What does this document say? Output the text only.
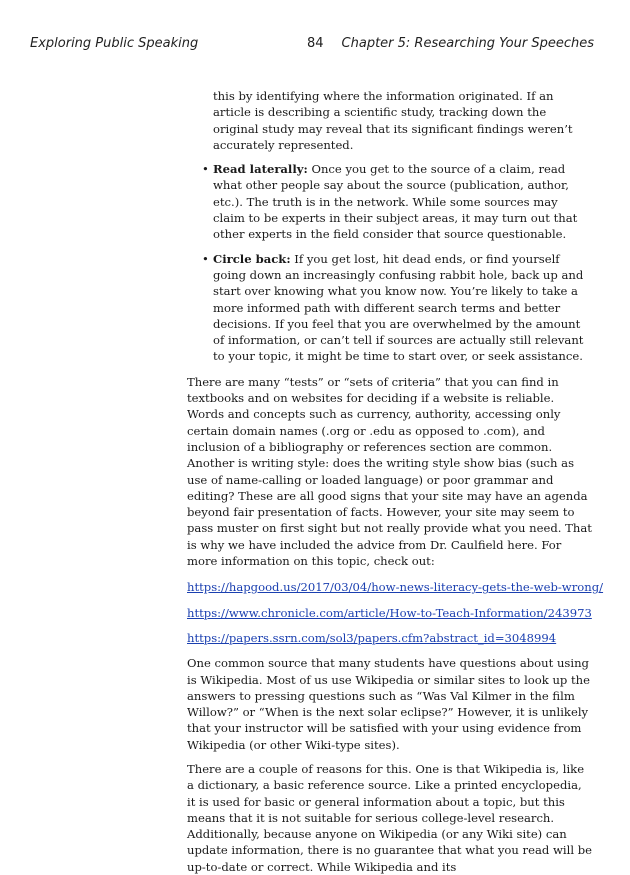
Exploring Public Speaking	84 Chapter 5: Researching Your Speeches

this by identifying where the information originated. If an article is describing a scientific study, tracking down the original study may reveal that its significant findings weren’t accurately represented.

• Read laterally: Once you get to the source of a claim, read what other people say about the source (publication, author, etc.). The truth is in the network. While some sources may claim to be experts in their subject areas, it may turn out that other experts in the field consider that source questionable.
• Circle back: If you get lost, hit dead ends, or find yourself going down an increasingly confusing rabbit hole, back up and start over knowing what you know now. You’re likely to take a more informed path with different search terms and better decisions. If you feel that you are overwhelmed by the amount of information, or can’t tell if sources are actually still relevant to your topic, it might be time to start over, or seek assistance.

There are many “tests” or “sets of criteria” that you can find in textbooks and on websites for deciding if a website is reliable. Words and concepts such as currency, authority, accessing only certain domain names (.org or .edu as opposed to .com), and inclusion of a bibliography or references section are common. Another is writing style: does the writing style show bias (such as use of name-calling or loaded language) or poor grammar and editing? These are all good signs that your site may have an agenda beyond fair presentation of facts. However, your site may seem to pass muster on first sight but not really provide what you need. That is why we have included the advice from Dr. Caulfield here. For more information on this topic, check out:

https://hapgood.us/2017/03/04/how-news-literacy-gets-the-web-wrong/
https://www.chronicle.com/article/How-to-Teach-Information/243973
https://papers.ssrn.com/sol3/papers.cfm?abstract_id=3048994

One common source that many students have questions about using is Wikipedia. Most of us use Wikipedia or similar sites to look up the answers to pressing questions such as “Was Val Kilmer in the film Willow?” or “When is the next solar eclipse?” However, it is unlikely that your instructor will be satisfied with your using evidence from Wikipedia (or other Wiki-type sites).

There are a couple of reasons for this. One is that Wikipedia is, like a dictionary, a basic reference source. Like a printed encyclopedia, it is used for basic or general information about a topic, but this means that it is not suitable for serious college-level research. Additionally, because anyone on Wikipedia (or any Wiki site) can update information, there is no guarantee that what you read will be up-to-date or correct. While Wikipedia and its
